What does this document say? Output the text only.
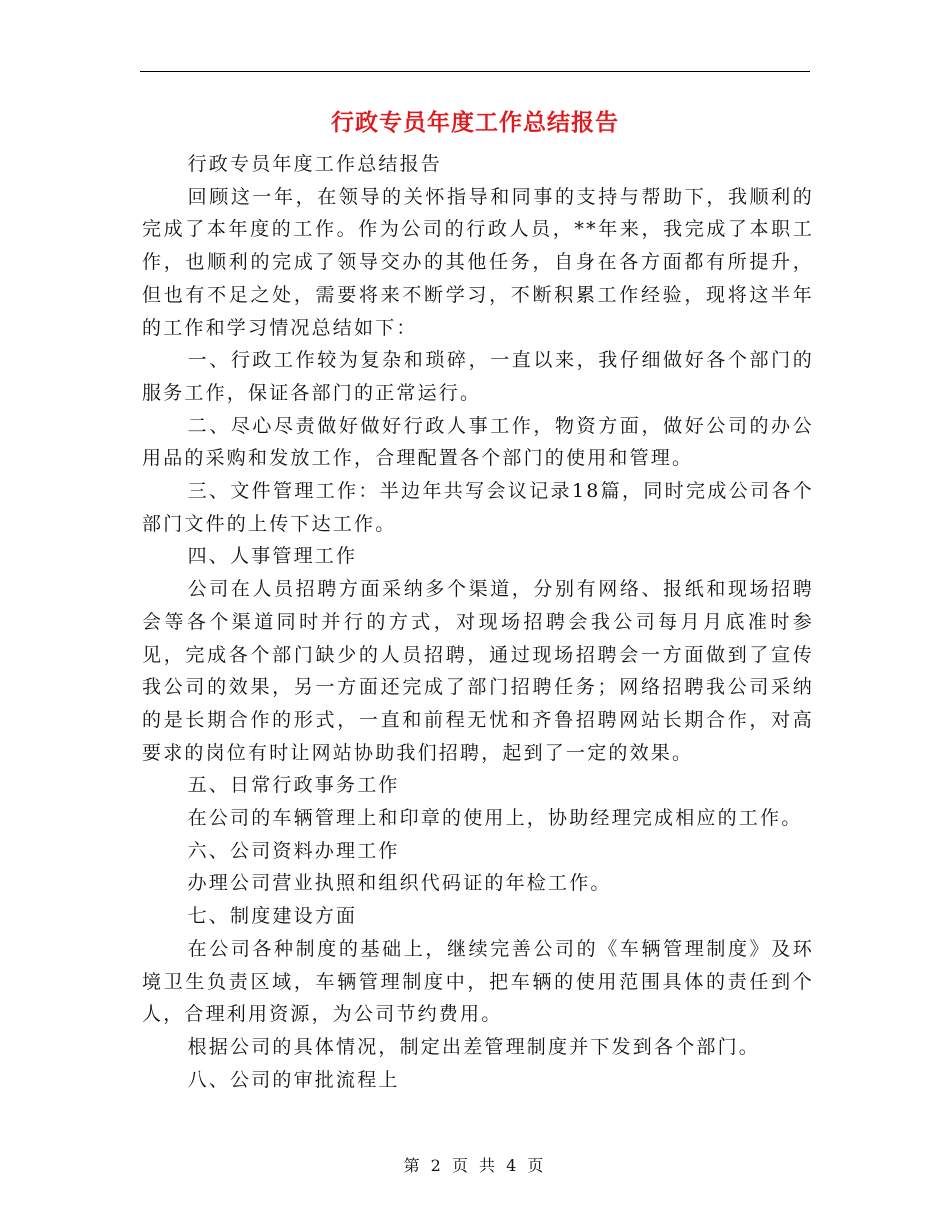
行政专员年度工作总结报告

行政专员年度工作总结报告

回顾这一年，在领导的关怀指导和同事的支持与帮助下，我顺利的完成了本年度的工作。作为公司的行政人员，**年来，我完成了本职工作，也顺利的完成了领导交办的其他任务，自身在各方面都有所提升，但也有不足之处，需要将来不断学习，不断积累工作经验，现将这半年的工作和学习情况总结如下：

一、行政工作较为复杂和琐碎，一直以来，我仔细做好各个部门的服务工作，保证各部门的正常运行。

二、尽心尽责做好做好行政人事工作，物资方面，做好公司的办公用品的采购和发放工作，合理配置各个部门的使用和管理。

三、文件管理工作：半边年共写会议记录18篇，同时完成公司各个部门文件的上传下达工作。

四、人事管理工作

公司在人员招聘方面采纳多个渠道，分别有网络、报纸和现场招聘会等各个渠道同时并行的方式，对现场招聘会我公司每月月底准时参见，完成各个部门缺少的人员招聘，通过现场招聘会一方面做到了宣传我公司的效果，另一方面还完成了部门招聘任务；网络招聘我公司采纳的是长期合作的形式，一直和前程无忧和齐鲁招聘网站长期合作，对高要求的岗位有时让网站协助我们招聘，起到了一定的效果。

五、日常行政事务工作

在公司的车辆管理上和印章的使用上，协助经理完成相应的工作。

六、公司资料办理工作

办理公司营业执照和组织代码证的年检工作。

七、制度建设方面

在公司各种制度的基础上，继续完善公司的《车辆管理制度》及环境卫生负责区域，车辆管理制度中，把车辆的使用范围具体的责任到个人，合理利用资源，为公司节约费用。

根据公司的具体情况，制定出差管理制度并下发到各个部门。

八、公司的审批流程上

第 2 页 共 4 页
